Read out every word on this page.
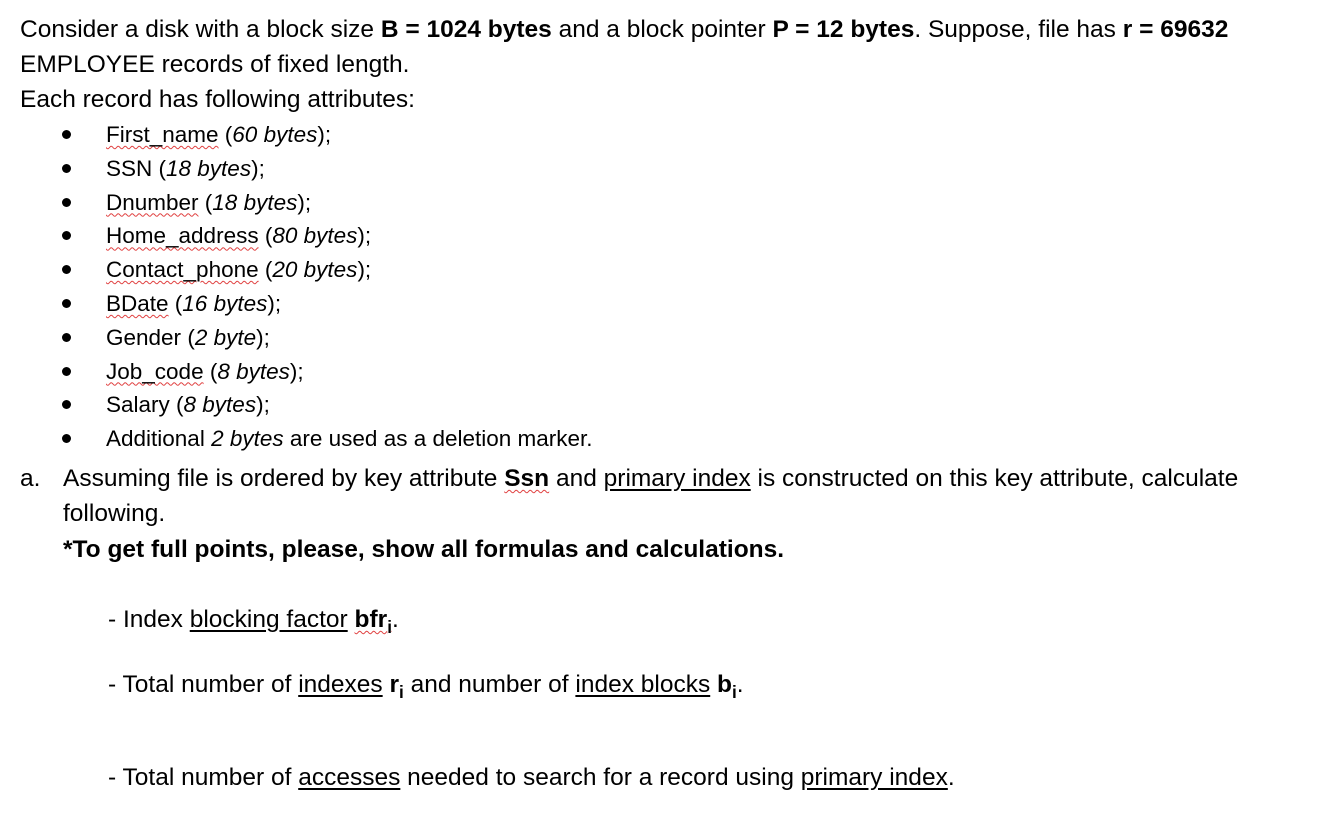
Consider a disk with a block size B = 1024 bytes and a block pointer P = 12 bytes. Suppose, file has r = 69632
EMPLOYEE records of fixed length.
Each record has following attributes:
First_name (60 bytes);
SSN (18 bytes);
Dnumber (18 bytes);
Home_address (80 bytes);
Contact_phone (20 bytes);
BDate (16 bytes);
Gender (2 byte);
Job_code (8 bytes);
Salary (8 bytes);
Additional 2 bytes are used as a deletion marker.
a. Assuming file is ordered by key attribute Ssn and primary index is constructed on this key attribute, calculate following.
*To get full points, please, show all formulas and calculations.
- Index blocking factor bfr$_i$.
- Total number of indexes $r_i$ and number of index blocks $b_i$.
- Total number of accesses needed to search for a record using primary index.
